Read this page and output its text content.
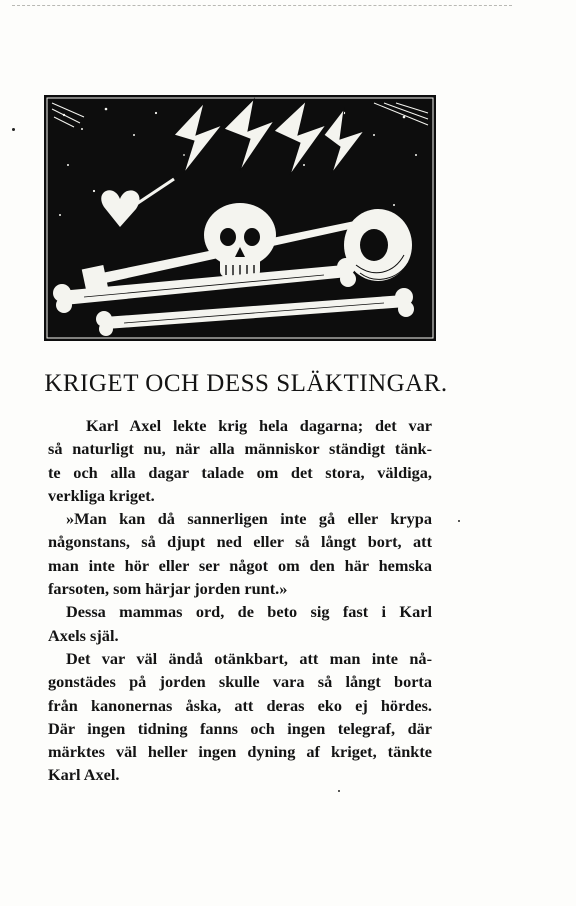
KRIGET OCH DESS SLÄKTINGAR.

Karl Axel lekte krig hela dagarna; det var
så naturligt nu, när alla människor ständigt tänk-
te och alla dagar talade om det stora, väldiga,
verkliga kriget.

»Man kan då sannerligen inte gå eller krypa
någonstans, så djupt ned eller så långt bort, att
man inte hör eller ser något om den här hemska
farsoten, som härjar jorden runt.»

Dessa mammas ord, de beto sig fast i Karl
Axels själ.

Det var väl ändå otänkbart, att man inte nå-
gonstädes på jorden skulle vara så långt borta
från kanonernas åska, att deras eko ej hördes.
Där ingen tidning fanns och ingen telegraf, där
märktes väl heller ingen dyning af kriget, tänkte
Karl Axel.
